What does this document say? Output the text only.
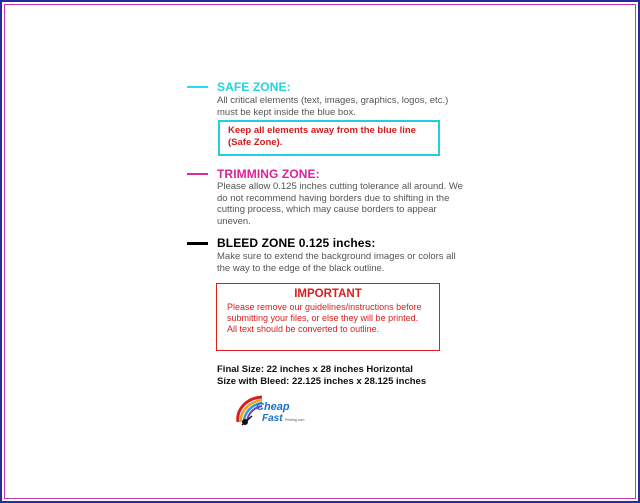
SAFE ZONE:

All critical elements (text, images, graphics, logos, etc.) must be kept inside the blue box.

Keep all elements away from the blue line (Safe Zone).
TRIMMING ZONE:

Please allow 0.125 inches cutting tolerance all around. We do not recommend having borders due to shifting in the cutting process, which may cause borders to appear uneven.

BLEED ZONE 0.125 inches:

Make sure to extend the background images or colors all the way to the edge of the black outline.

IMPORTANT
Please remove our guidelines/instructions before submitting your files, or else they will be printed. All text should be converted to outline.
Final Size: 22 inches x 28 inches Horizontal
Size with Bleed: 22.125 inches x 28.125 inches
Cheap
Fast Printing.com
